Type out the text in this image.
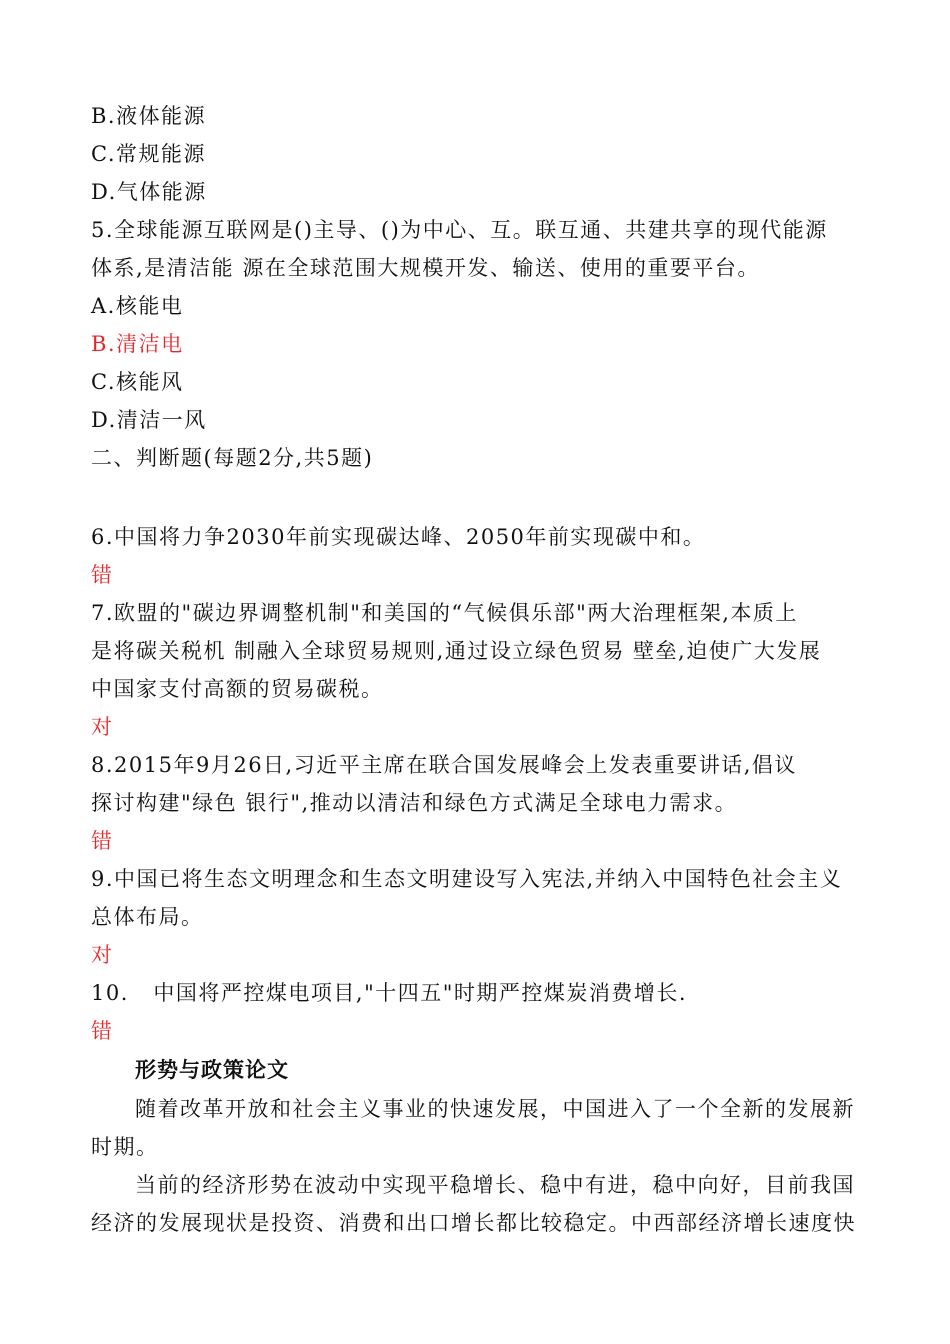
B.液体能源
C.常规能源
D.气体能源
5.全球能源互联网是()主导、()为中心、互。联互通、共建共享的现代能源
体系,是清洁能 源在全球范围大规模开发、输送、使用的重要平台。
A.核能电
B.清洁电
C.核能风
D.清洁一风
二、判断题(每题2分,共5题)
6.中国将力争2030年前实现碳达峰、2050年前实现碳中和。
错
7.欧盟的"碳边界调整机制"和美国的“气候俱乐部"两大治理框架,本质上
是将碳关税机 制融入全球贸易规则,通过设立绿色贸易 壁垒,迫使广大发展
中国家支付高额的贸易碳税。
对
8.2015年9月26日,习近平主席在联合国发展峰会上发表重要讲话,倡议
探讨构建"绿色 银行",推动以清洁和绿色方式满足全球电力需求。
错
9.中国已将生态文明理念和生态文明建设写入宪法,并纳入中国特色社会主义
总体布局。
对
10.   中国将严控煤电项目,"十四五"时期严控煤炭消费增长.
错
形势与政策论文
随着改革开放和社会主义事业的快速发展，中国进入了一个全新的发展新
时期。
当前的经济形势在波动中实现平稳增长、稳中有进，稳中向好，目前我国
经济的发展现状是投资、消费和出口增长都比较稳定。中西部经济增长速度快
